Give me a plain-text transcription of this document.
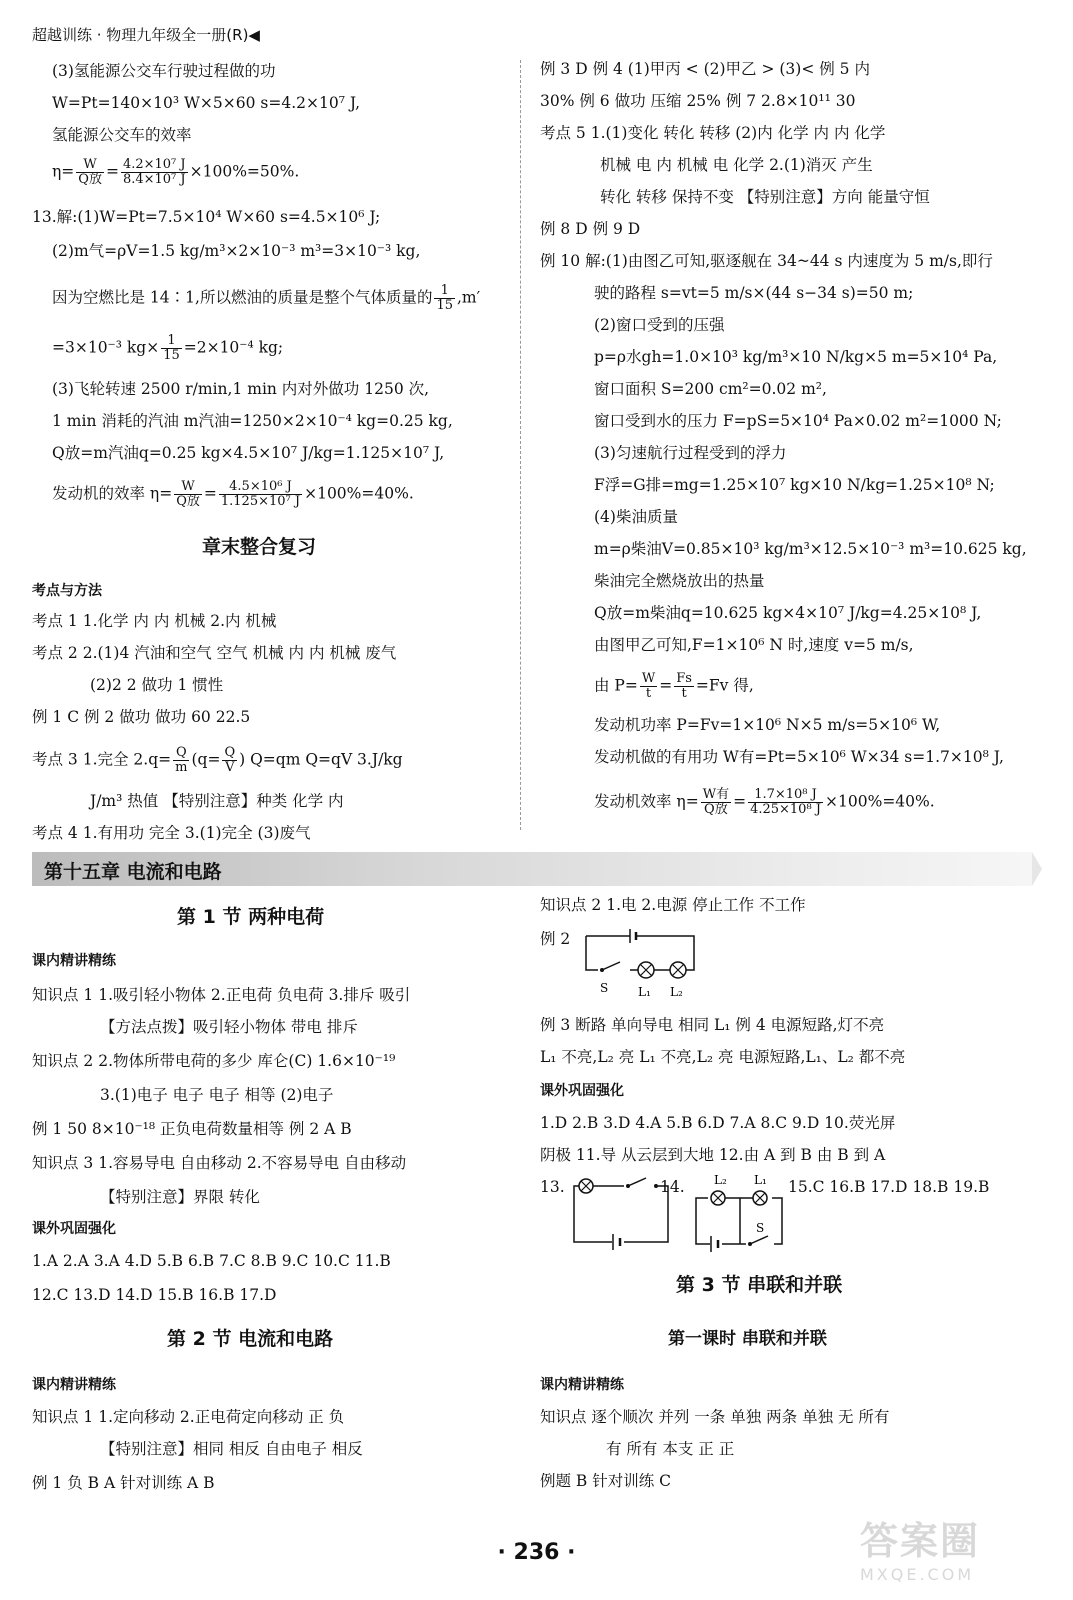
超越训练 · 物理九年级全一册(R)◀
(3)氢能源公交车行驶过程做的功
W=Pt=140×10³ W×5×60 s=4.2×10⁷ J,
氢能源公交车的效率
$\eta= \frac{W}{\text{Q放}} = \frac{\text{4.2×10⁷ J}}{\text{8.4×10⁷ J}} \times 100\%=50\%$.
13.解:(1)W=Pt=7.5×10⁴ W×60 s=4.5×10⁶ J;
(2)m气=ρV=1.5 kg/m³×2×10⁻³ m³=3×10⁻³ kg,
因为空燃比是 14∶1,所以燃油的质量是整个气体质量的 $\frac{1}{15} ,m'$
=3×10⁻³ $kg\times \frac{1}{15} =2\times 10^{-4}$ kg;
(3)飞轮转速 2500 r/min,1 min 内对外做功 1250 次,
1 min 消耗的汽油 m汽油=1250×2×10⁻⁴ kg=0.25 kg,
Q放=m汽油q=0.25 kg×4.5×10⁷ J/kg=1.125×10⁷ J,
发动机的效率 $\eta= \frac{W}{\text{Q放}} = \frac{\text{4.5×10⁶ J}}{\text{1.125×10⁷ J}} \times 100\%=40\%$.
章末整合复习
考点与方法
考点 1 1.化学 内 内 机械 2.内 机械
考点 2 2.(1)4 汽油和空气 空气 机械 内 内 机械 废气
(2)2 2 做功 1 惯性
例 1 C 例 2 做功 做功 60 22.5
考点 3 1.完全 $2.q= \frac{Q}{m} (q= \frac{Q}{V}$ ) Q=qm Q=qV 3.J/kg
J/m³ 热值 【特别注意】种类 化学 内
考点 4 1.有用功 完全 3.(1)完全 (3)废气
例 3 D 例 4 (1)甲丙 < (2)甲乙 > (3)< 例 5 内
30% 例 6 做功 压缩 25% 例 7 2.8×10¹¹ 30
考点 5 1.(1)变化 转化 转移 (2)内 化学 内 内 化学
机械 电 内 机械 电 化学 2.(1)消灭 产生
转化 转移 保持不变 【特别注意】方向 能量守恒
例 8 D 例 9 D
例 10 解:(1)由图乙可知,驱逐舰在 34~44 s 内速度为 5 m/s,即行
驶的路程 s=vt=5 m/s×(44 s−34 s)=50 m;
(2)窗口受到的压强
p=ρ水gh=1.0×10³ kg/m³×10 N/kg×5 m=5×10⁴ Pa,
窗口面积 S=200 cm²=0.02 m²,
窗口受到水的压力 F=pS=5×10⁴ Pa×0.02 m²=1000 N;
(3)匀速航行过程受到的浮力
F浮=G排=mg=1.25×10⁷ kg×10 N/kg=1.25×10⁸ N;
(4)柴油质量
m=ρ柴油V=0.85×10³ kg/m³×12.5×10⁻³ m³=10.625 kg,
柴油完全燃烧放出的热量
Q放=m柴油q=10.625 kg×4×10⁷ J/kg=4.25×10⁸ J,
由图甲乙可知,F=1×10⁶ N 时,速度 v=5 m/s,
由 $P= \frac{W}{t} = \frac{Fs}{t} =Fv$ 得,
发动机功率 P=Fv=1×10⁶ N×5 m/s=5×10⁶ W,
发动机做的有用功 W有=Pt=5×10⁶ W×34 s=1.7×10⁸ J,
发动机效率 $\eta= \frac{\text{W有}}{\text{Q放}} = \frac{\text{1.7×10⁸ J}}{\text{4.25×10⁸ J}} \times 100\%=40\%$.
第十五章 电流和电路
第 1 节 两种电荷
课内精讲精练
知识点 1 1.吸引轻小物体 2.正电荷 负电荷 3.排斥 吸引
【方法点拨】吸引轻小物体 带电 排斥
知识点 2 2.物体所带电荷的多少 库仑(C) 1.6×10⁻¹⁹
3.(1)电子 电子 电子 相等 (2)电子
例 1 50 8×10⁻¹⁸ 正负电荷数量相等 例 2 A B
知识点 3 1.容易导电 自由移动 2.不容易导电 自由移动
【特别注意】界限 转化
课外巩固强化
1.A 2.A 3.A 4.D 5.B 6.B 7.C 8.B 9.C 10.C 11.B
12.C 13.D 14.D 15.B 16.B 17.D
第 2 节 电流和电路
课内精讲精练
知识点 1 1.定向移动 2.正电荷定向移动 正 负
【特别注意】相同 相反 自由电子 相反
例 1 负 B A 针对训练 A B
知识点 2 1.电 2.电源 停止工作 不工作
例 2
S L₁ L₂
例 3 断路 单向导电 相同 L₁ 例 4 电源短路,灯不亮
L₁ 不亮,L₂ 亮 L₁ 不亮,L₂ 亮 电源短路,L₁、L₂ 都不亮
课外巩固强化
1.D 2.B 3.D 4.A 5.B 6.D 7.A 8.C 9.D 10.荧光屏
阴极 11.导 从云层到大地 12.由 A 到 B 由 B 到 A
13.	14. L₂ L₁
S
15.C 16.B 17.D 18.B 19.B
第 3 节 串联和并联
第一课时 串联和并联
课内精讲精练
知识点 逐个顺次 并列 一条 单独 两条 单独 无 所有
有 所有 本支 正 正
例题 B 针对训练 C
· 236 ·	答案圈
MXQE.COM
